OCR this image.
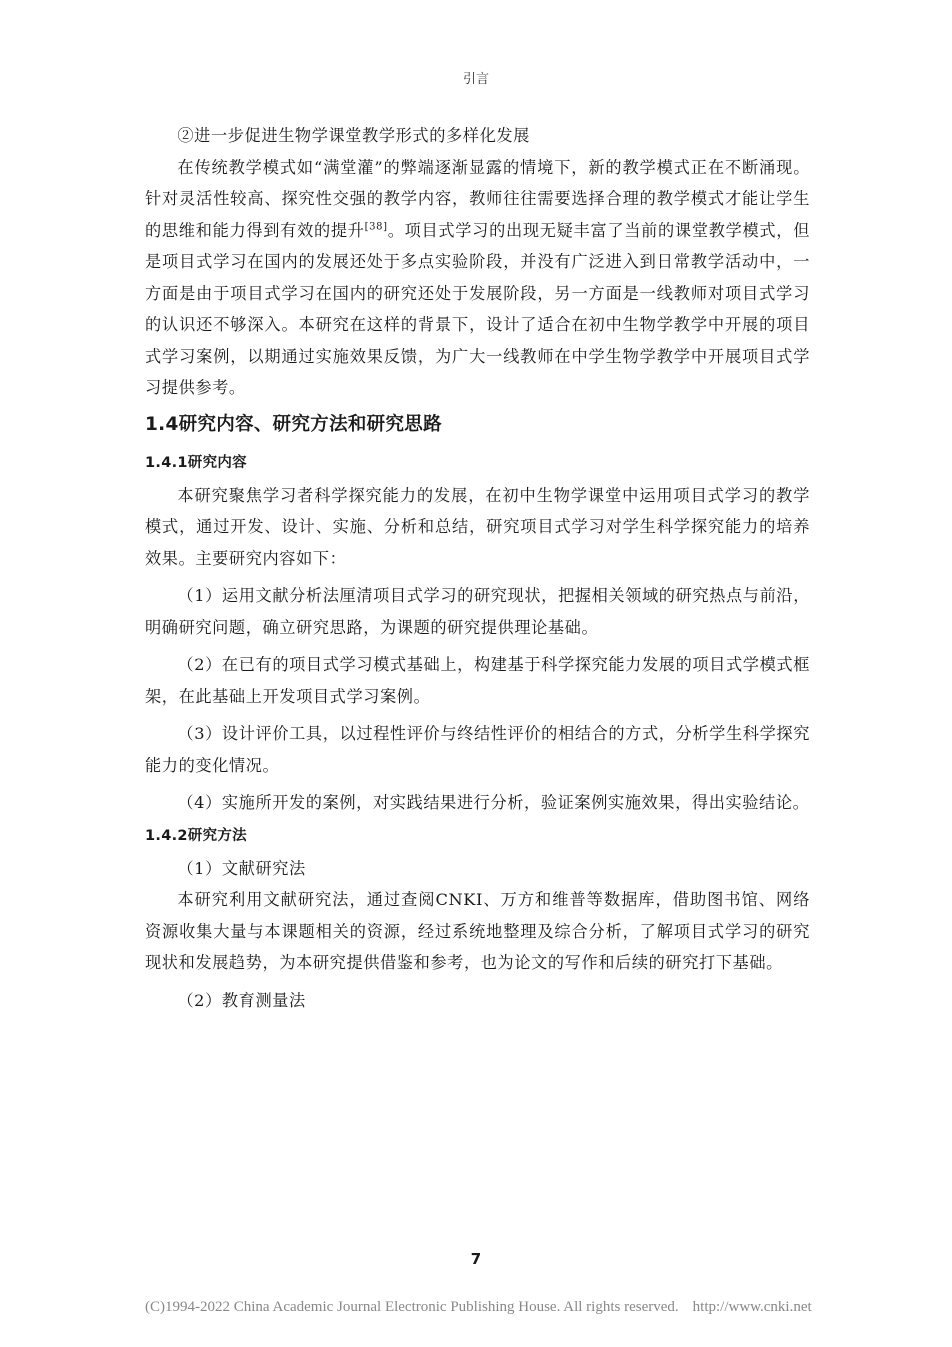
引言

②进一步促进生物学课堂教学形式的多样化发展

在传统教学模式如“满堂灌”的弊端逐渐显露的情境下，新的教学模式正在不断涌现。针对灵活性较高、探究性交强的教学内容，教师往往需要选择合理的教学模式才能让学生的思维和能力得到有效的提升[38]。项目式学习的出现无疑丰富了当前的课堂教学模式，但是项目式学习在国内的发展还处于多点实验阶段，并没有广泛进入到日常教学活动中，一方面是由于项目式学习在国内的研究还处于发展阶段，另一方面是一线教师对项目式学习的认识还不够深入。本研究在这样的背景下，设计了适合在初中生物学教学中开展的项目式学习案例，以期通过实施效果反馈，为广大一线教师在中学生物学教学中开展项目式学习提供参考。

1.4研究内容、研究方法和研究思路
1.4.1研究内容

本研究聚焦学习者科学探究能力的发展，在初中生物学课堂中运用项目式学习的教学模式，通过开发、设计、实施、分析和总结，研究项目式学习对学生科学探究能力的培养效果。主要研究内容如下：

（1）运用文献分析法厘清项目式学习的研究现状，把握相关领域的研究热点与前沿，明确研究问题，确立研究思路，为课题的研究提供理论基础。

（2）在已有的项目式学习模式基础上，构建基于科学探究能力发展的项目式学模式框架，在此基础上开发项目式学习案例。

（3）设计评价工具，以过程性评价与终结性评价的相结合的方式，分析学生科学探究能力的变化情况。

（4）实施所开发的案例，对实践结果进行分析，验证案例实施效果，得出实验结论。

1.4.2研究方法

（1）文献研究法

本研究利用文献研究法，通过查阅CNKI、万方和维普等数据库，借助图书馆、网络资源收集大量与本课题相关的资源，经过系统地整理及综合分析，了解项目式学习的研究现状和发展趋势，为本研究提供借鉴和参考，也为论文的写作和后续的研究打下基础。

（2）教育测量法

7
(C)1994-2022 China Academic Journal Electronic Publishing House. All rights reserved. http://www.cnki.net
